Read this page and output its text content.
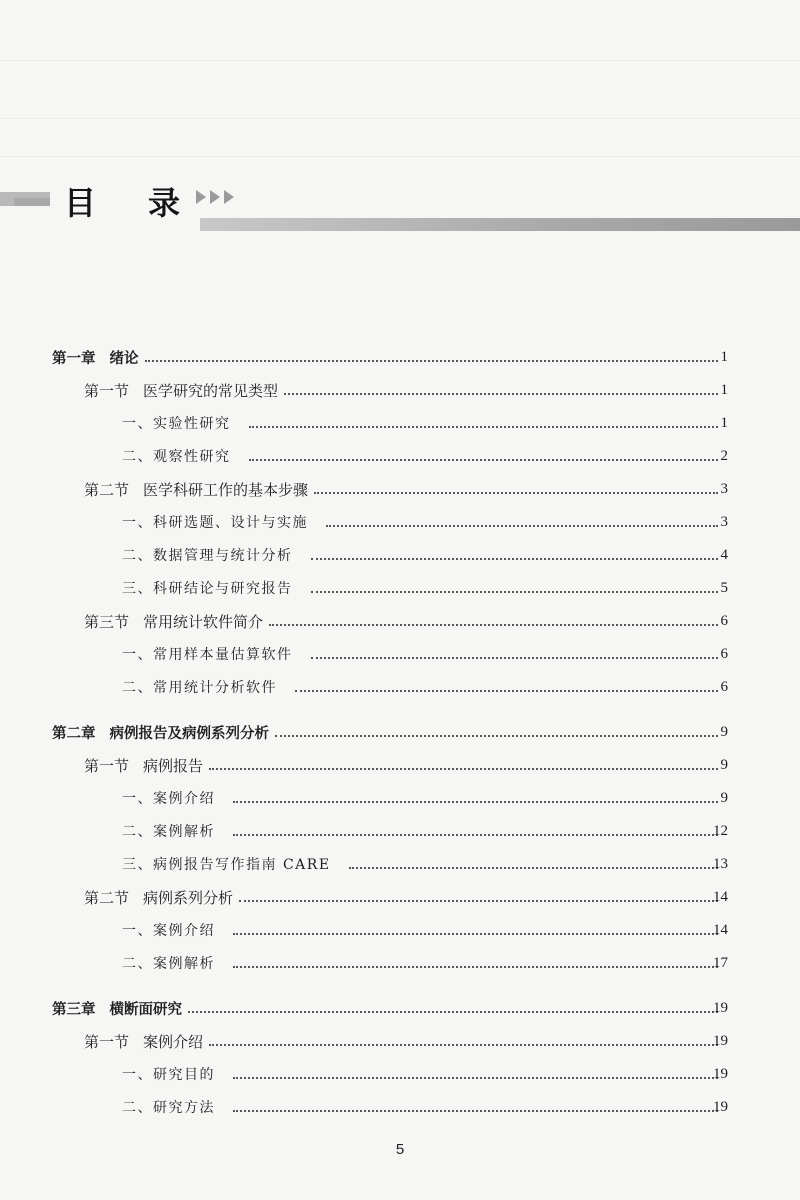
目 录
第一章 绪论	1
第一节 医学研究的常见类型	1
一、实验性研究	1
二、观察性研究	2
第二节 医学科研工作的基本步骤	3
一、科研选题、设计与实施	3
二、数据管理与统计分析	4
三、科研结论与研究报告	5
第三节 常用统计软件简介	6
一、常用样本量估算软件	6
二、常用统计分析软件	6
第二章 病例报告及病例系列分析	9
第一节 病例报告	9
一、案例介绍	9
二、案例解析	12
三、病例报告写作指南 CARE	13
第二节 病例系列分析	14
一、案例介绍	14
二、案例解析	17
第三章 横断面研究	19
第一节 案例介绍	19
一、研究目的	19
二、研究方法	19
5
